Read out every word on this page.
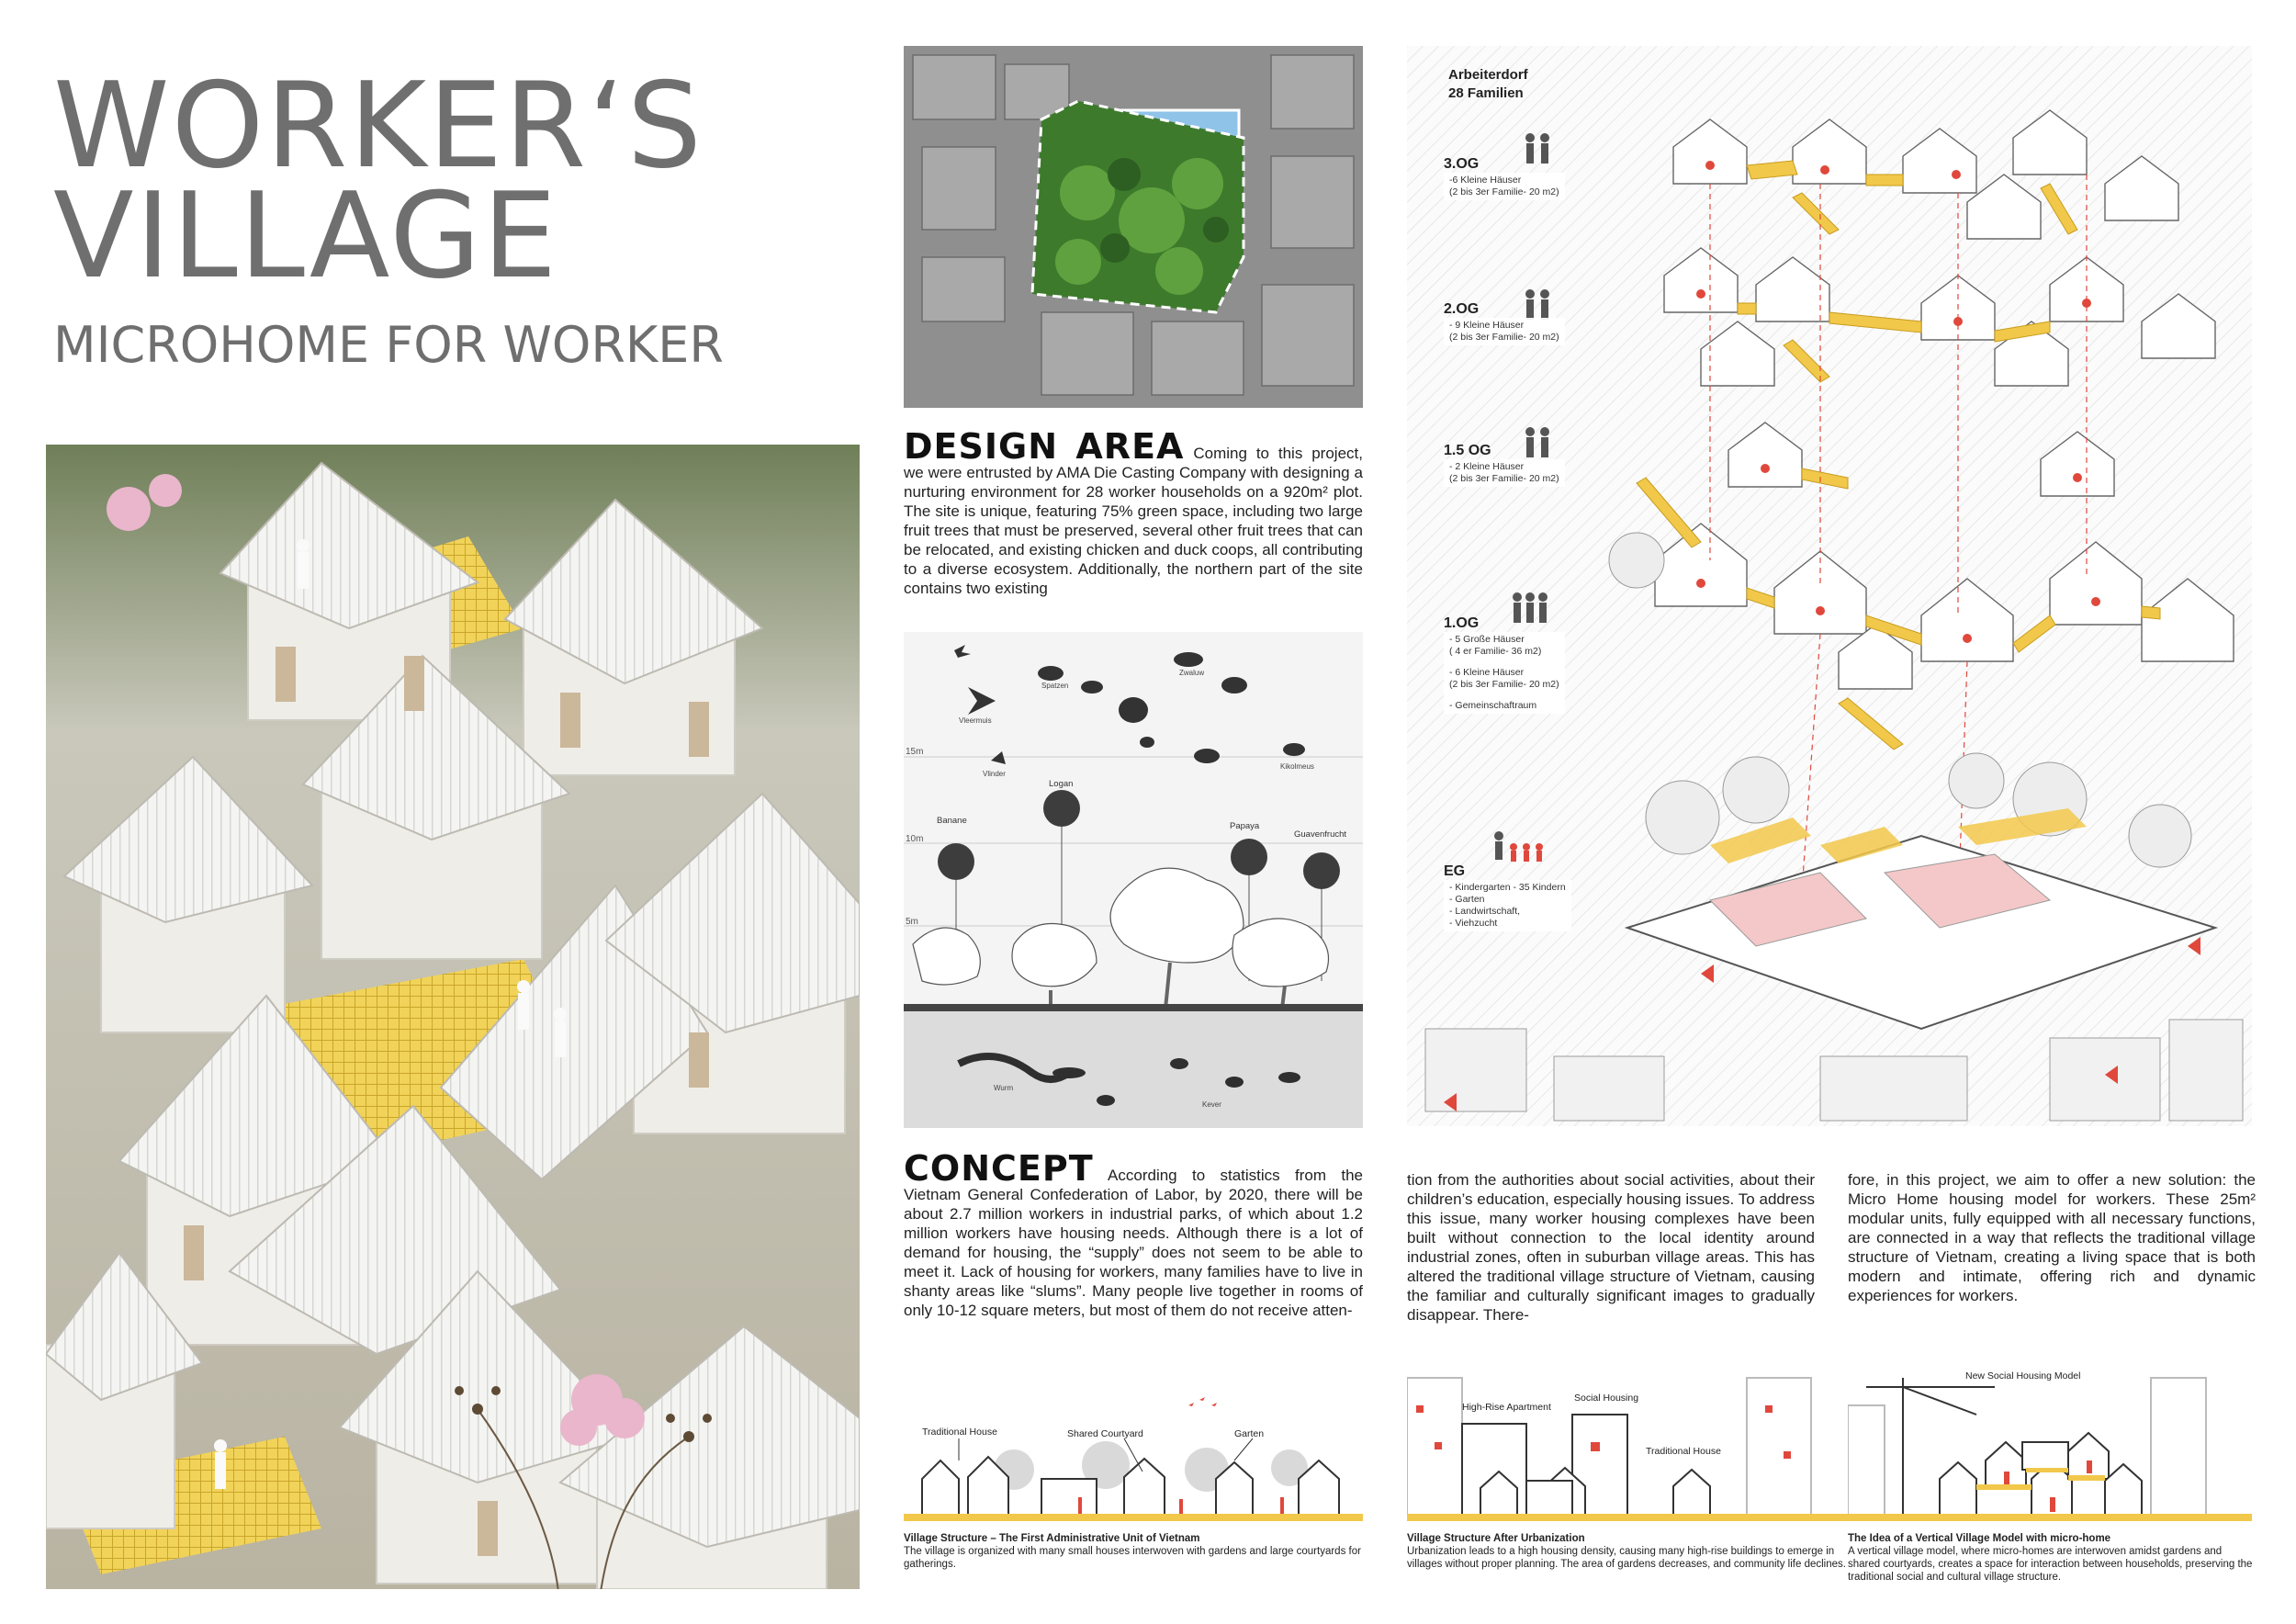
WORKER‘S
VILLAGE
MICROHOME FOR WORKER
DESIGN AREA Coming to this project, we were entrusted by AMA Die Casting Company with designing a nurturing environment for 28 worker households on a 920m² plot. The site is unique, featuring 75% green space, including two large fruit trees that must be preserved, several other fruit trees that can be relocated, and existing chicken and duck coops, all contributing to a diverse ecosystem. Additionally, the northern part of the site contains two existing
15m
10m
5m
Banane
Logan
Papaya
Guavenfrucht
Spatzen
Zwaluw
Vleermuis
Vlinder
Kikolmeus
Wurm
Kever
Arbeiterdorf
28 Familien
3.OG
-6 Kleine Häuser
(2 bis 3er Familie- 20 m2)
2.OG
- 9 Kleine Häuser
(2 bis 3er Familie- 20 m2)
1.5 OG
- 2 Kleine Häuser
(2 bis 3er Familie- 20 m2)
1.OG
- 5 Große Häuser
( 4 er Familie- 36 m2)
- 6 Kleine Häuser
(2 bis 3er Familie- 20 m2)
- Gemeinschaftraum
EG
- Kindergarten - 35 Kindern
- Garten
- Landwirtschaft,
- Viehzucht
CONCEPT According to statistics from the Vietnam General Confederation of Labor, by 2020, there will be about 2.7 million workers in industrial parks, of which about 1.2 million workers have housing needs. Although there is a lot of demand for housing, the “supply” does not seem to be able to meet it. Lack of housing for workers, many families have to live in shanty areas like “slums”. Many people live together in rooms of only 10-12 square meters, but most of them do not receive atten-
tion from the authorities about social activities, about their children’s education, especially housing issues. To address this issue, many worker housing complexes have been built without connection to the local identity around industrial zones, often in suburban village areas. This has altered the traditional village structure of Vietnam, causing the familiar and culturally significant images to gradually disappear. There-
fore, in this project, we aim to offer a new solution: the Micro Home housing model for workers. These 25m² modular units, fully equipped with all necessary functions, are connected in a way that reflects the traditional village structure of Vietnam, creating a living space that is both modern and intimate, offering rich and dynamic experiences for workers.
Traditional House	Shared Courtyard	Garten
Village Structure – The First Administrative Unit of Vietnam
The village is organized with many small houses interwoven with gardens and large courtyards for gatherings.
High-Rise Apartment
Social Housing
Traditional House
Village Structure After Urbanization
Urbanization leads to a high housing density, causing many high-rise buildings to emerge in villages without proper planning. The area of gardens decreases, and community life declines.
New Social Housing Model
The Idea of a Vertical Village Model with micro-home
A vertical village model, where micro-homes are interwoven amidst gardens and shared courtyards, creates a space for interaction between households, preserving the traditional social and cultural village structure.
